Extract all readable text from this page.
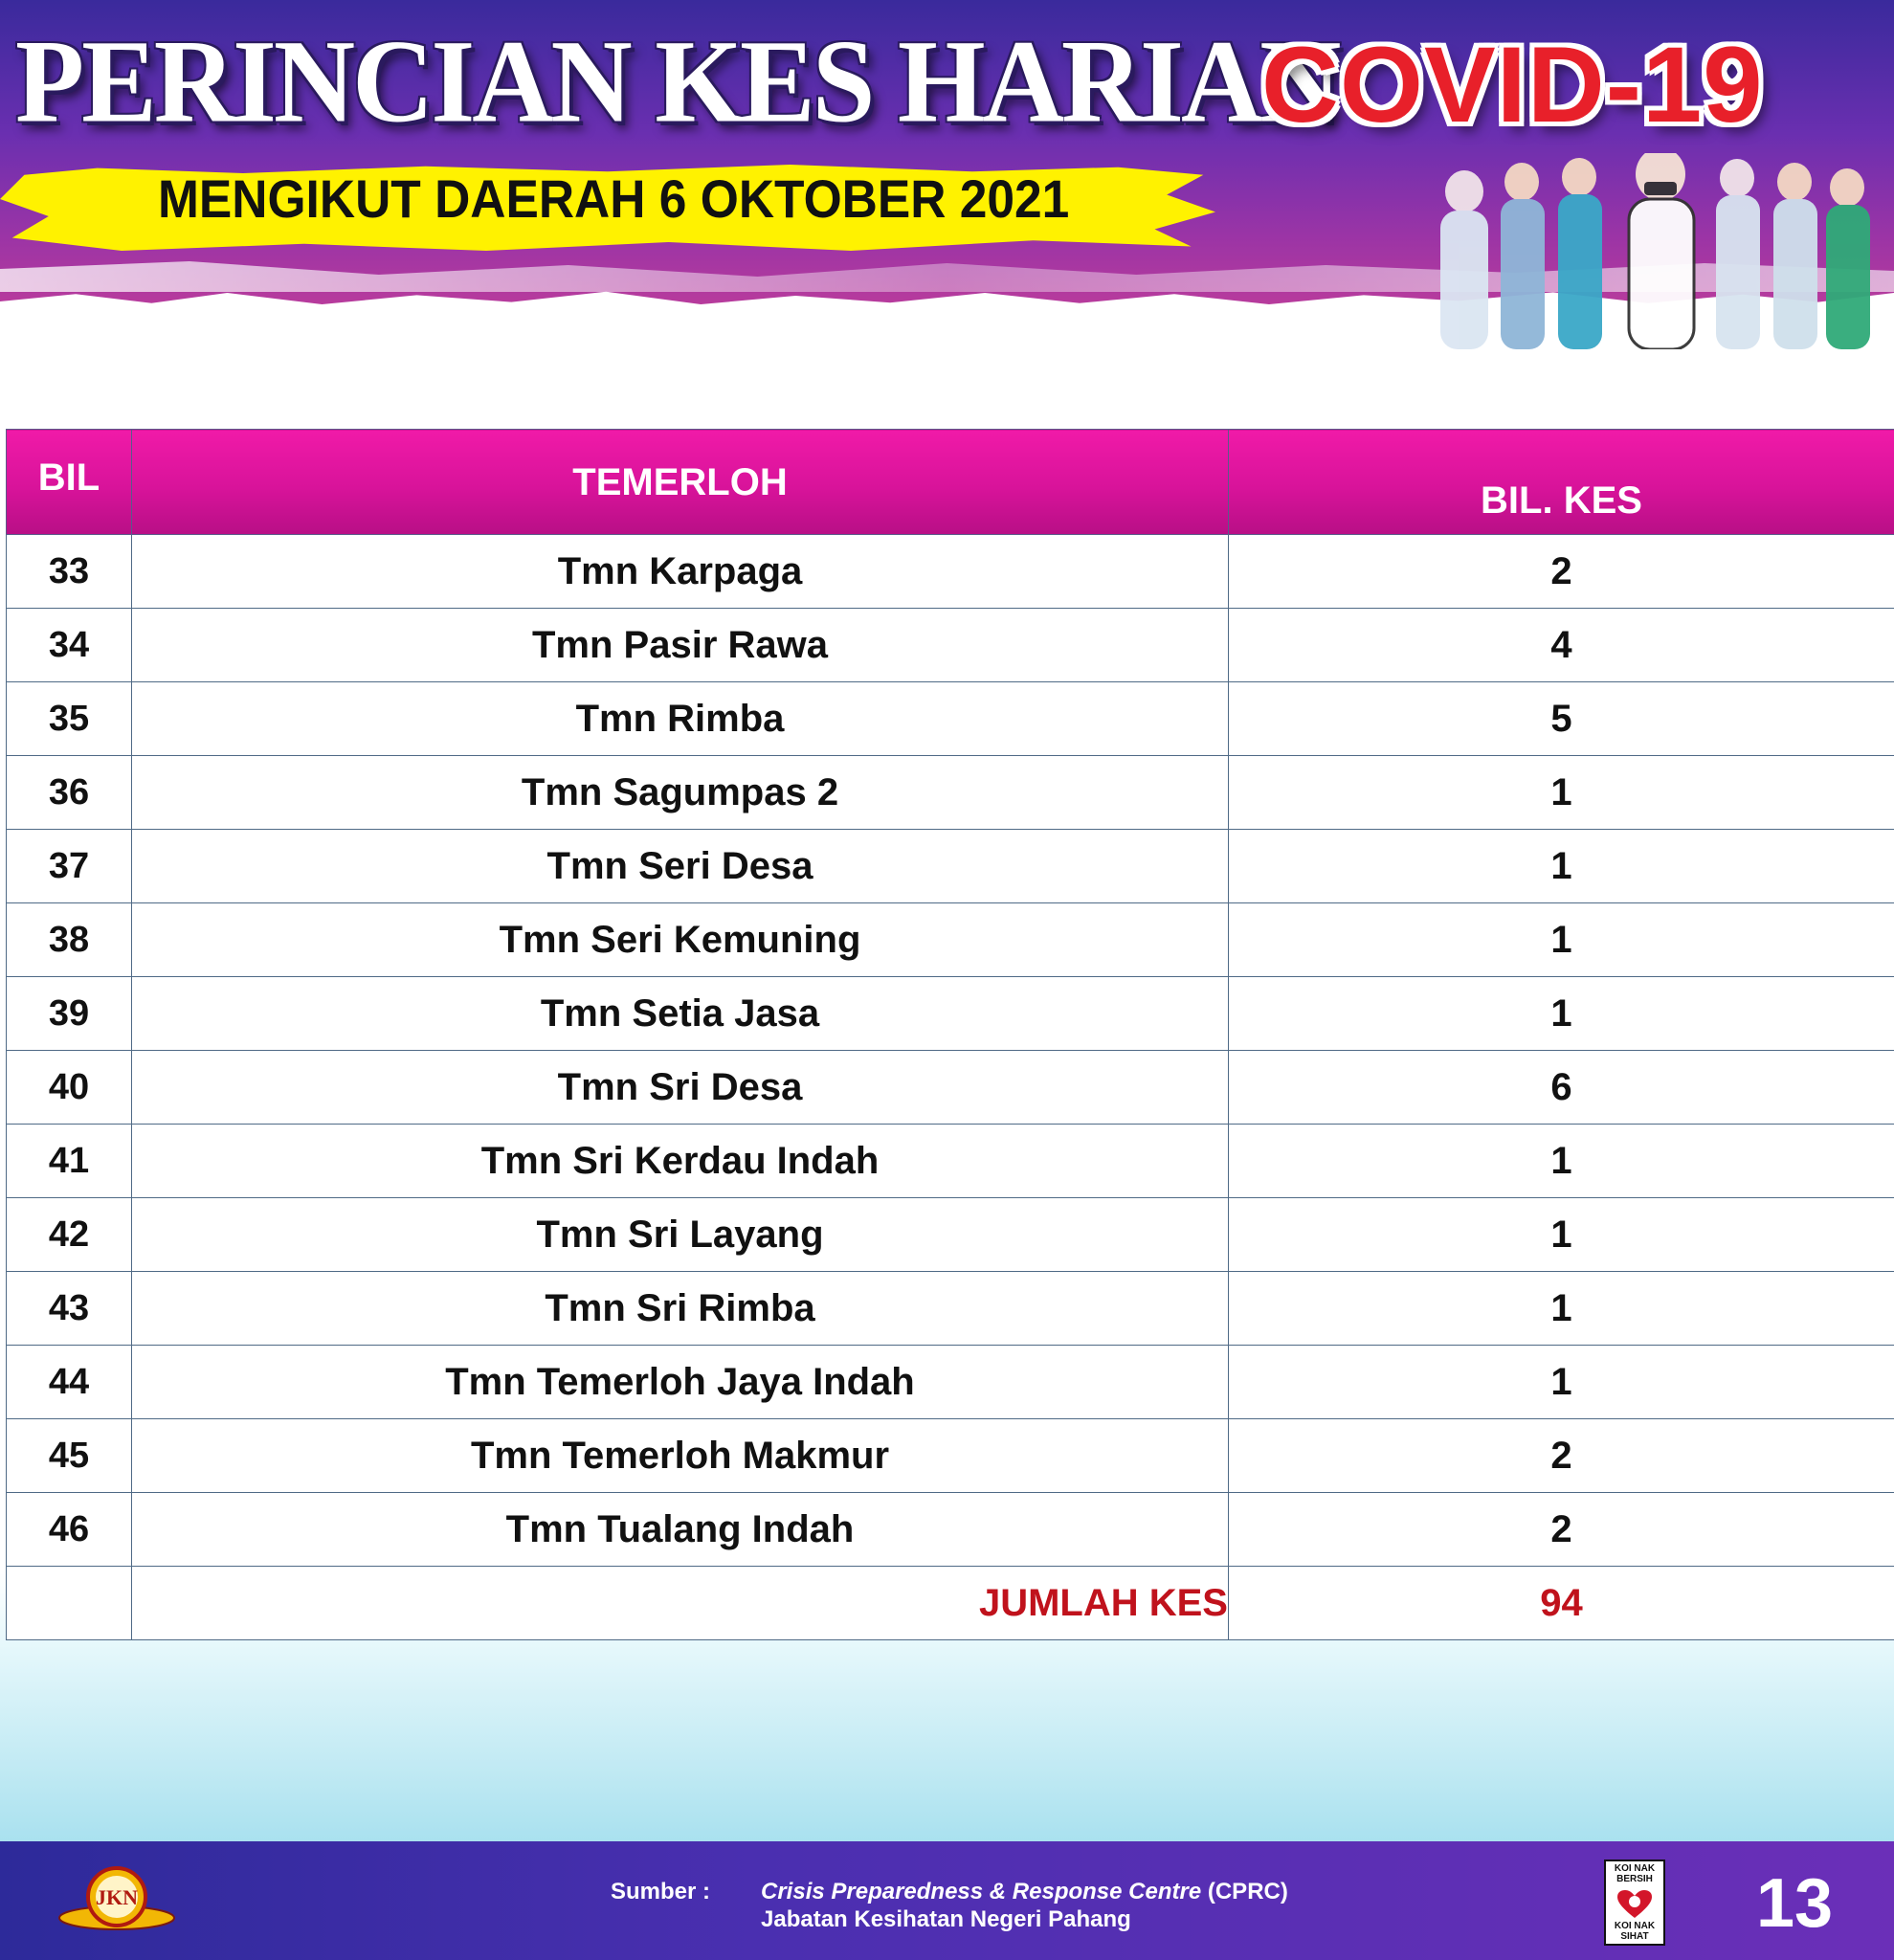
PERINCIAN KES HARIAN
COVID-19
MENGIKUT DAERAH 6 OKTOBER 2021
BIL	TEMERLOH	BIL. KES

33	Tmn Karpaga	2
34	Tmn Pasir Rawa	4
35	Tmn Rimba	5
36	Tmn Sagumpas 2	1
37	Tmn Seri Desa	1
38	Tmn Seri Kemuning	1
39	Tmn Setia Jasa	1
40	Tmn Sri Desa	6
41	Tmn Sri Kerdau Indah	1
42	Tmn Sri Layang	1
43	Tmn Sri Rimba	1
44	Tmn Temerloh Jaya Indah	1
45	Tmn Temerloh Makmur	2
46	Tmn Tualang Indah	2
	JUMLAH KES	94
JKN	Sumber : Crisis Preparedness & Response Centre (CPRC)
Jabatan Kesihatan Negeri Pahang
KOI NAK BERSIH
KOI NAK SIHAT 13
